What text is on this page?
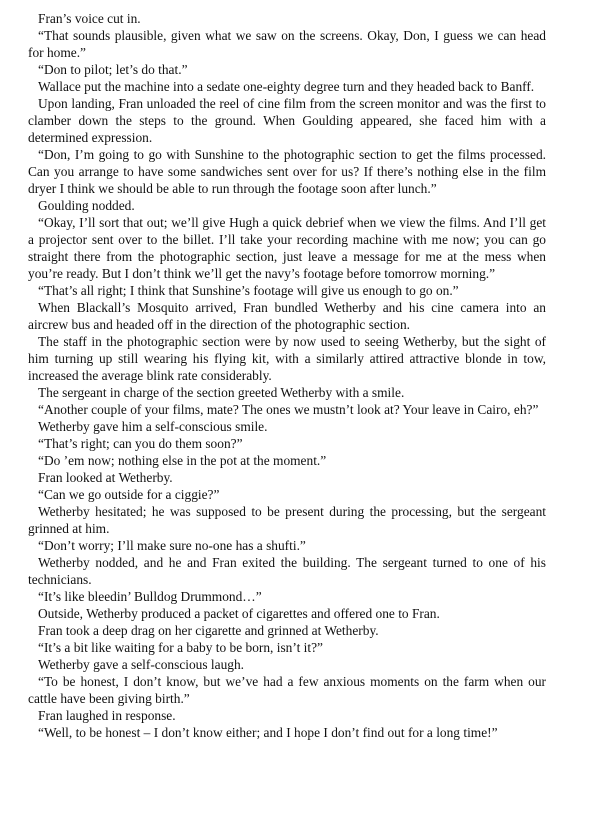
Fran’s voice cut in.

“That sounds plausible, given what we saw on the screens. Okay, Don, I guess we can head for home.”

“Don to pilot; let’s do that.”

Wallace put the machine into a sedate one-eighty degree turn and they headed back to Banff.

Upon landing, Fran unloaded the reel of cine film from the screen monitor and was the first to clamber down the steps to the ground. When Goulding appeared, she faced him with a determined expression.

“Don, I’m going to go with Sunshine to the photographic section to get the films processed. Can you arrange to have some sandwiches sent over for us? If there’s nothing else in the film dryer I think we should be able to run through the footage soon after lunch.”

Goulding nodded.

“Okay, I’ll sort that out; we’ll give Hugh a quick debrief when we view the films. And I’ll get a projector sent over to the billet. I’ll take your recording machine with me now; you can go straight there from the photographic section, just leave a message for me at the mess when you’re ready. But I don’t think we’ll get the navy’s footage before tomorrow morning.”

“That’s all right; I think that Sunshine’s footage will give us enough to go on.”

When Blackall’s Mosquito arrived, Fran bundled Wetherby and his cine camera into an aircrew bus and headed off in the direction of the photographic section.

The staff in the photographic section were by now used to seeing Wetherby, but the sight of him turning up still wearing his flying kit, with a similarly attired attractive blonde in tow, increased the average blink rate considerably.

The sergeant in charge of the section greeted Wetherby with a smile.

“Another couple of your films, mate? The ones we mustn’t look at? Your leave in Cairo, eh?”

Wetherby gave him a self-conscious smile.

“That’s right; can you do them soon?”

“Do ’em now; nothing else in the pot at the moment.”

Fran looked at Wetherby.

“Can we go outside for a ciggie?”

Wetherby hesitated; he was supposed to be present during the processing, but the sergeant grinned at him.

“Don’t worry; I’ll make sure no-one has a shufti.”

Wetherby nodded, and he and Fran exited the building. The sergeant turned to one of his technicians.

“It’s like bleedin’ Bulldog Drummond…”

Outside, Wetherby produced a packet of cigarettes and offered one to Fran.

Fran took a deep drag on her cigarette and grinned at Wetherby.

“It’s a bit like waiting for a baby to be born, isn’t it?”

Wetherby gave a self-conscious laugh.

“To be honest, I don’t know, but we’ve had a few anxious moments on the farm when our cattle have been giving birth.”

Fran laughed in response.

“Well, to be honest – I don’t know either; and I hope I don’t find out for a long time!”
